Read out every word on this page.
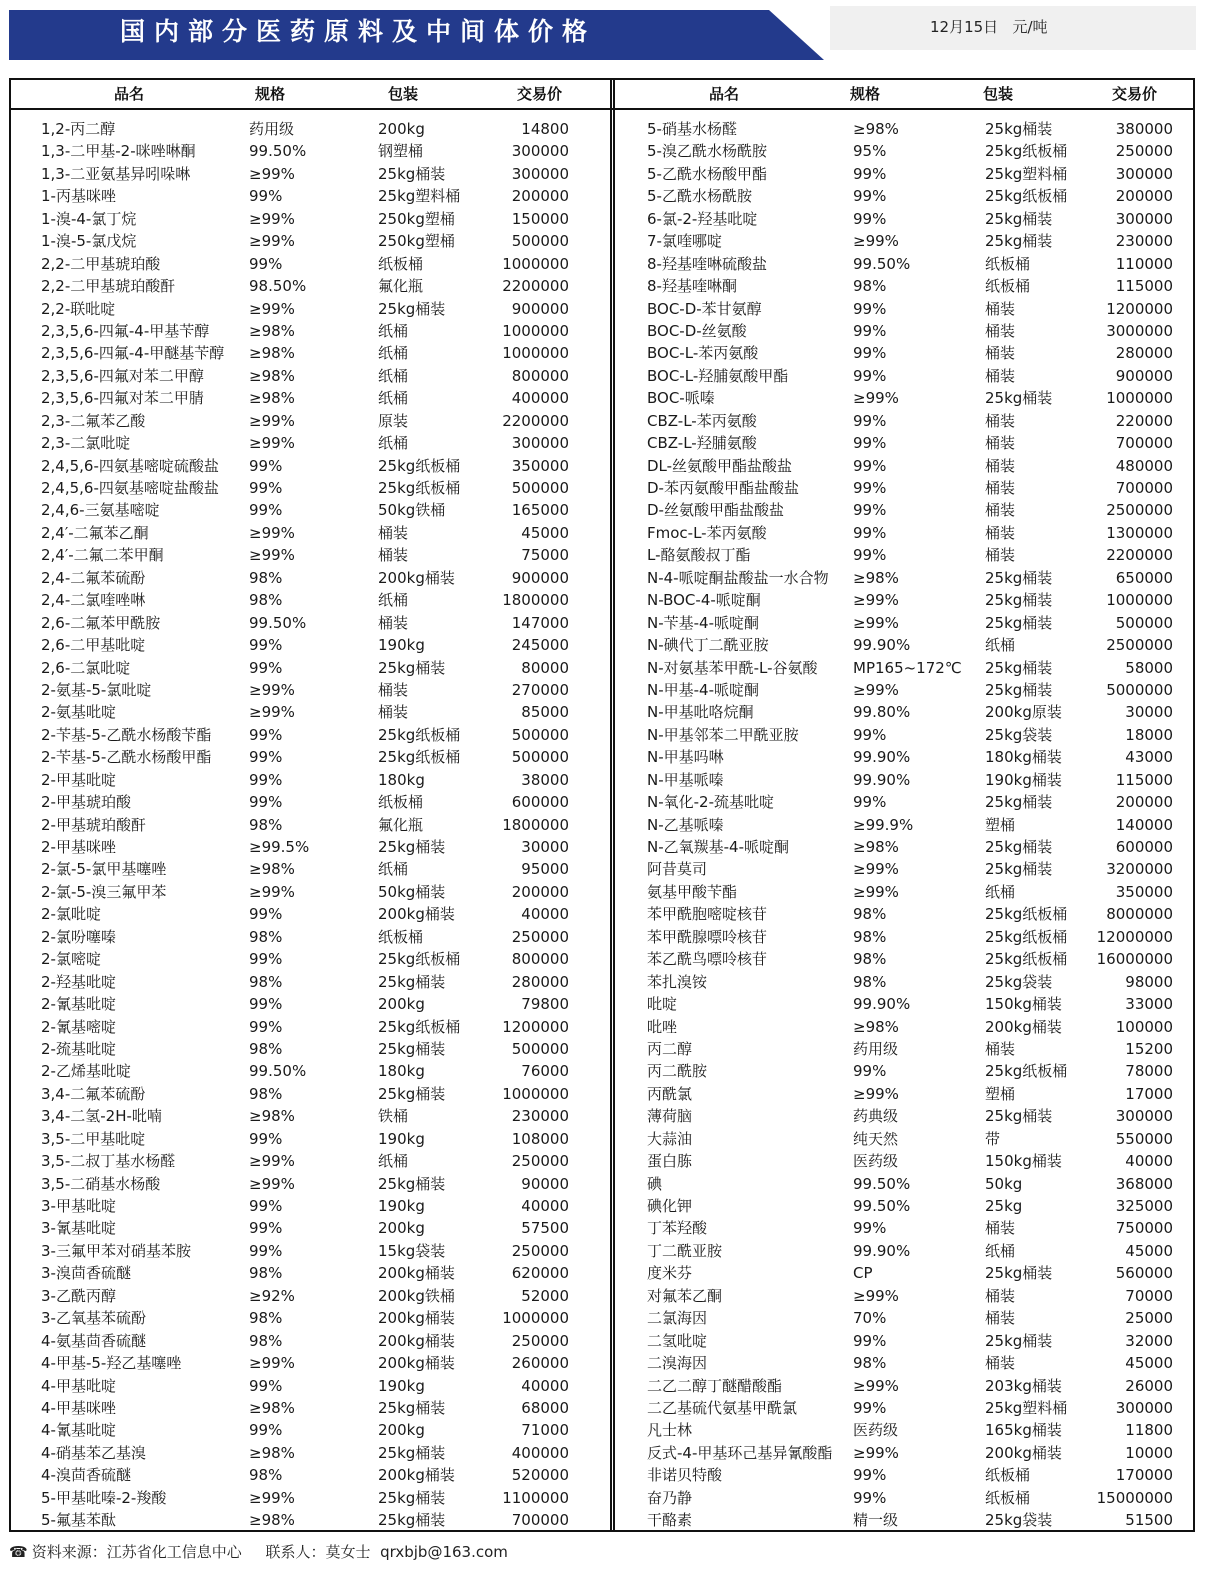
国内部分医药原料及中间体价格	12月15日 元/吨
品名	规格	包装	交易价
1,2-丙二醇	药用级	200kg	14800
1,3-二甲基-2-咪唑啉酮	99.50%	钢塑桶	300000
1,3-二亚氨基异吲哚啉	≥99%	25kg桶装	300000
1-丙基咪唑	99%	25kg塑料桶	200000
1-溴-4-氯丁烷	≥99%	250kg塑桶	150000
1-溴-5-氯戊烷	≥99%	250kg塑桶	500000
2,2-二甲基琥珀酸	99%	纸板桶	1000000
2,2-二甲基琥珀酸酐	98.50%	氟化瓶	2200000
2,2-联吡啶	≥99%	25kg桶装	900000
2,3,5,6-四氟-4-甲基苄醇	≥98%	纸桶	1000000
2,3,5,6-四氟-4-甲醚基苄醇 ≥98%	纸桶	1000000
2,3,5,6-四氟对苯二甲醇	≥98%	纸桶	800000
2,3,5,6-四氟对苯二甲腈	≥98%	纸桶	400000
2,3-二氟苯乙酸	≥99%	原装	2200000
2,3-二氯吡啶	≥99%	纸桶	300000
2,4,5,6-四氨基嘧啶硫酸盐 99%	25kg纸板桶	350000
2,4,5,6-四氨基嘧啶盐酸盐 99%	25kg纸板桶	500000
2,4,6-三氨基嘧啶	99%	50kg铁桶	165000
2,4′-二氟苯乙酮	≥99%	桶装	45000
2,4′-二氟二苯甲酮	≥99%	桶装	75000
2,4-二氟苯硫酚	98%	200kg桶装	900000
2,4-二氯喹唑啉	98%	纸桶	1800000
2,6-二氟苯甲酰胺	99.50%	桶装	147000
2,6-二甲基吡啶	99%	190kg	245000
2,6-二氯吡啶	99%	25kg桶装	80000
2-氨基-5-氯吡啶	≥99%	桶装	270000
2-氨基吡啶	≥99%	桶装	85000
2-苄基-5-乙酰水杨酸苄酯	99%	25kg纸板桶	500000
2-苄基-5-乙酰水杨酸甲酯	99%	25kg纸板桶	500000
2-甲基吡啶	99%	180kg	38000
2-甲基琥珀酸	99%	纸板桶	600000
2-甲基琥珀酸酐	98%	氟化瓶	1800000
2-甲基咪唑	≥99.5%	25kg桶装	30000
2-氯-5-氯甲基噻唑	≥98%	纸桶	95000
2-氯-5-溴三氟甲苯	≥99%	50kg桶装	200000
2-氯吡啶	99%	200kg桶装	40000
2-氯吩噻嗪	98%	纸板桶	250000
2-氯嘧啶	99%	25kg纸板桶	800000
2-羟基吡啶	98%	25kg桶装	280000
2-氰基吡啶	99%	200kg	79800
2-氰基嘧啶	99%	25kg纸板桶	1200000
2-巯基吡啶	98%	25kg桶装	500000
2-乙烯基吡啶	99.50%	180kg	76000
3,4-二氟苯硫酚	98%	25kg桶装	1000000
3,4-二氢-2H-吡喃	≥98%	铁桶	230000
3,5-二甲基吡啶	99%	190kg	108000
3,5-二叔丁基水杨醛	≥99%	纸桶	250000
3,5-二硝基水杨酸	≥99%	25kg桶装	90000
3-甲基吡啶	99%	190kg	40000
3-氰基吡啶	99%	200kg	57500
3-三氟甲苯对硝基苯胺	99%	15kg袋装	250000
3-溴茴香硫醚	98%	200kg桶装	620000
3-乙酰丙醇	≥92%	200kg铁桶	52000
3-乙氧基苯硫酚	98%	200kg桶装	1000000
4-氨基茴香硫醚	98%	200kg桶装	250000
4-甲基-5-羟乙基噻唑	≥99%	200kg桶装	260000
4-甲基吡啶	99%	190kg	40000
4-甲基咪唑	≥98%	25kg桶装	68000
4-氰基吡啶	99%	200kg	71000
4-硝基苯乙基溴	≥98%	25kg桶装	400000
4-溴茴香硫醚	98%	200kg桶装	520000
5-甲基吡嗪-2-羧酸	≥99%	25kg桶装	1100000
5-氟基苯酞	≥98%	25kg桶装	700000
品名	规格	包装	交易价
5-硝基水杨醛	≥98%	25kg桶装	380000
5-溴乙酰水杨酰胺	95%	25kg纸板桶	250000
5-乙酰水杨酸甲酯	99%	25kg塑料桶	300000
5-乙酰水杨酰胺	99%	25kg纸板桶	200000
6-氯-2-羟基吡啶	99%	25kg桶装	300000
7-氯喹哪啶	≥99%	25kg桶装	230000
8-羟基喹啉硫酸盐	99.50%	纸板桶	110000
8-羟基喹啉酮	98%	纸板桶	115000
BOC-D-苯甘氨醇	99%	桶装	1200000
BOC-D-丝氨酸	99%	桶装	3000000
BOC-L-苯丙氨酸	99%	桶装	280000
BOC-L-羟脯氨酸甲酯	99%	桶装	900000
BOC-哌嗪	≥99%	25kg桶装	1000000
CBZ-L-苯丙氨酸	99%	桶装	220000
CBZ-L-羟脯氨酸	99%	桶装	700000
DL-丝氨酸甲酯盐酸盐	99%	桶装	480000
D-苯丙氨酸甲酯盐酸盐	99%	桶装	700000
D-丝氨酸甲酯盐酸盐	99%	桶装	2500000
Fmoc-L-苯丙氨酸	99%	桶装	1300000
L-酪氨酸叔丁酯	99%	桶装	2200000
N-4-哌啶酮盐酸盐一水合物 ≥98%	25kg桶装	650000
N-BOC-4-哌啶酮	≥99%	25kg桶装	1000000
N-苄基-4-哌啶酮	≥99%	25kg桶装	500000
N-碘代丁二酰亚胺	99.90%	纸桶	2500000
N-对氨基苯甲酰-L-谷氨酸 MP165~172℃ 25kg桶装	58000
N-甲基-4-哌啶酮	≥99%	25kg桶装	5000000
N-甲基吡咯烷酮	99.80%	200kg原装	30000
N-甲基邻苯二甲酰亚胺	99%	25kg袋装	18000
N-甲基吗啉	99.90%	180kg桶装	43000
N-甲基哌嗪	99.90%	190kg桶装	115000
N-氧化-2-巯基吡啶	99%	25kg桶装	200000
N-乙基哌嗪	≥99.9%	塑桶	140000
N-乙氧羰基-4-哌啶酮	≥98%	25kg桶装	600000
阿昔莫司	≥99%	25kg桶装	3200000
氨基甲酸苄酯	≥99%	纸桶	350000
苯甲酰胞嘧啶核苷	98%	25kg纸板桶	8000000
苯甲酰腺嘌呤核苷	98%	25kg纸板桶 12000000
苯乙酰鸟嘌呤核苷	98%	25kg纸板桶 16000000
苯扎溴铵	98%	25kg袋装	98000
吡啶	99.90%	150kg桶装	33000
吡唑	≥98%	200kg桶装	100000
丙二醇	药用级	桶装	15200
丙二酰胺	99%	25kg纸板桶	78000
丙酰氯	≥99%	塑桶	17000
薄荷脑	药典级	25kg桶装	300000
大蒜油	纯天然	带	550000
蛋白胨	医药级	150kg桶装	40000
碘	99.50%	50kg	368000
碘化钾	99.50%	25kg	325000
丁苯羟酸	99%	桶装	750000
丁二酰亚胺	99.90%	纸桶	45000
度米芬	CP	25kg桶装	560000
对氟苯乙酮	≥99%	桶装	70000
二氯海因	70%	桶装	25000
二氢吡啶	99%	25kg桶装	32000
二溴海因	98%	桶装	45000
二乙二醇丁醚醋酸酯	≥99%	203kg桶装	26000
二乙基硫代氨基甲酰氯	99%	25kg塑料桶	300000
凡士林	医药级	165kg桶装	11800
反式-4-甲基环己基异氰酸酯 ≥99%	200kg桶装	10000
非诺贝特酸	99%	纸板桶	170000
奋乃静	99%	纸板桶	15000000
干酪素	精一级	25kg袋装	51500
☎ 资料来源：江苏省化工信息中心 联系人：莫女士  qrxbjb@163.com
